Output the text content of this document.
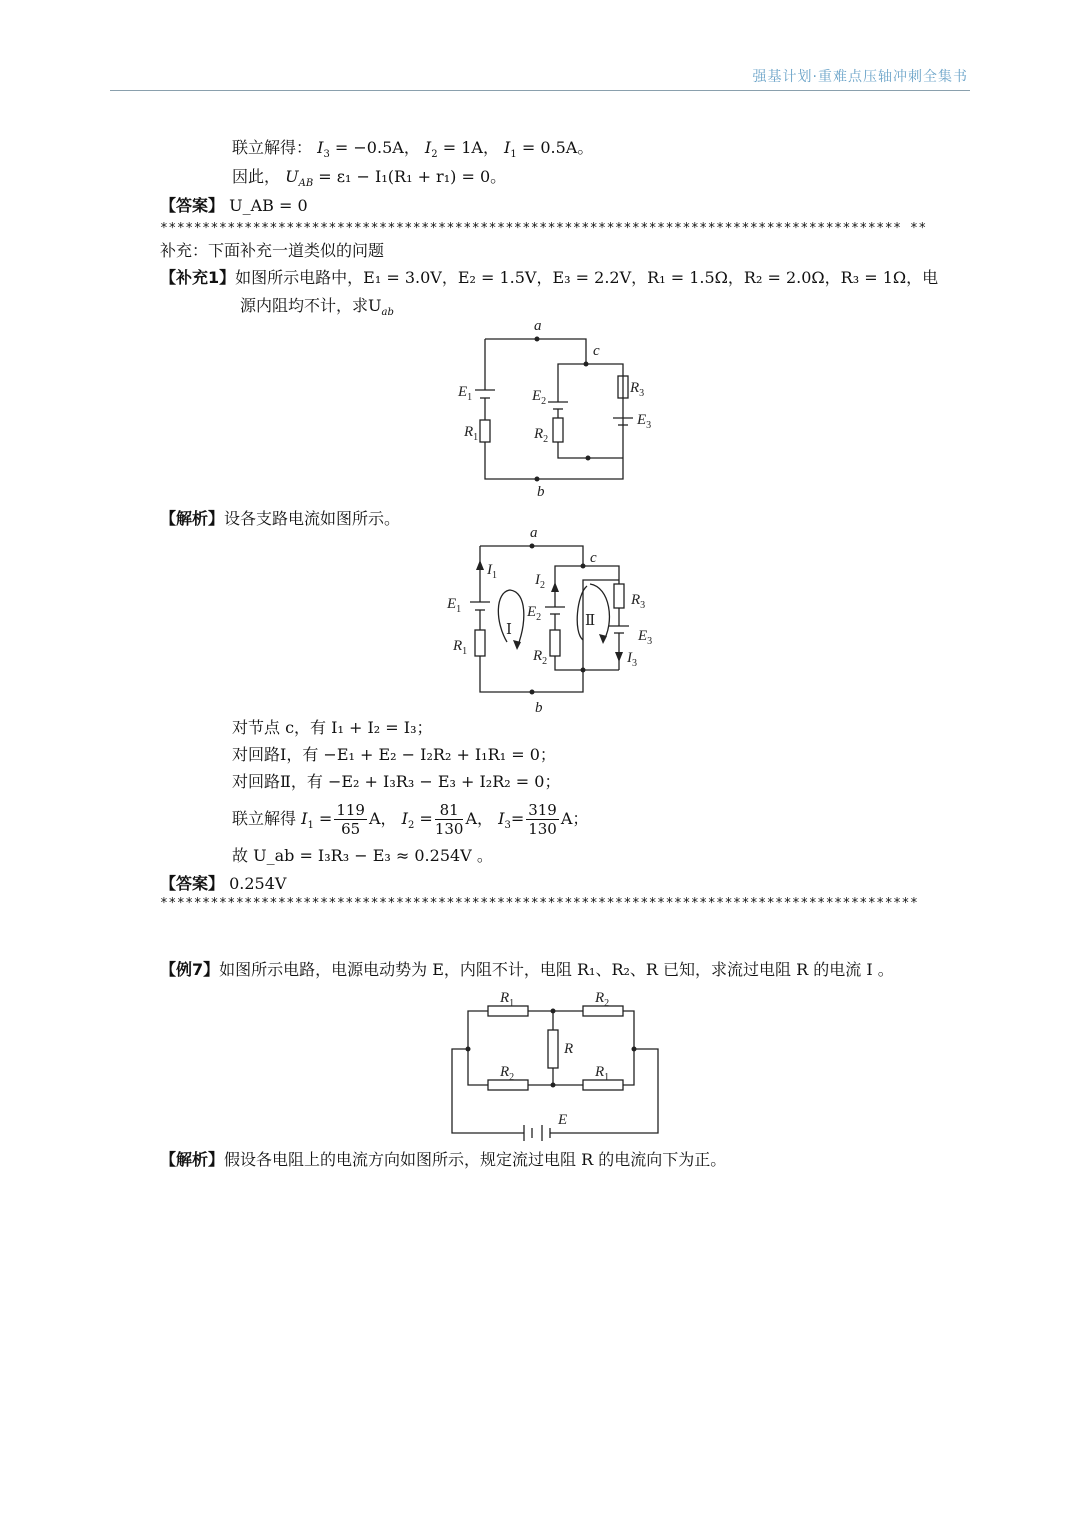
强基计划·重难点压轴冲刺全集书
联立解得： $I_3 = -0.5A$， $I_2 = 1A$， $I_1 = 0.5A$。
因此， $U_{AB} = \varepsilon_1 - I_1(R_1 + r_1) = 0$。
【答案】 U_AB = 0
**************************************************************************************** **
补充：下面补充一道类似的问题
【补充1】如图所示电路中，E₁ = 3.0V，E₂ = 1.5V，E₃ = 2.2V，R₁ = 1.5Ω，R₂ = 2.0Ω，R₃ = 1Ω，电
源内阻均不计，求$U_{ab}$
a
c
b
$E_1$
$R_1$
$E_2$
$R_2$
$R_3$
$E_3$
【解析】设各支路电流如图所示。
a
c
b
$I_1$	$I_2$
$I_3$
$E_1$
$R_1$
$E_2$
$R_2$
$R_3$
$E_3$
Ⅰ
Ⅱ
对节点 c，有 I₁ + I₂ = I₃；
对回路Ⅰ，有 −E₁ + E₂ − I₂R₂ + I₁R₁ = 0；
对回路Ⅱ，有 −E₂ + I₃R₃ − E₃ + I₂R₂ = 0；
联立解得 $I_1 = \frac{119}{65}$ A， $I_2 = \frac{81}{130}$ A， $I_3= \frac{319}{130}$ A；
故 U_ab = I₃R₃ − E₃ ≈ 0.254V 。
【答案】 0.254V
******************************************************************************************
【例7】如图所示电路，电源电动势为 E，内阻不计，电阻 R₁、R₂、R 已知，求流过电阻 R 的电流 I 。
$R_1$	$R_2$
R
$R_2$	$R_1$
E
【解析】假设各电阻上的电流方向如图所示，规定流过电阻 R 的电流向下为正。
